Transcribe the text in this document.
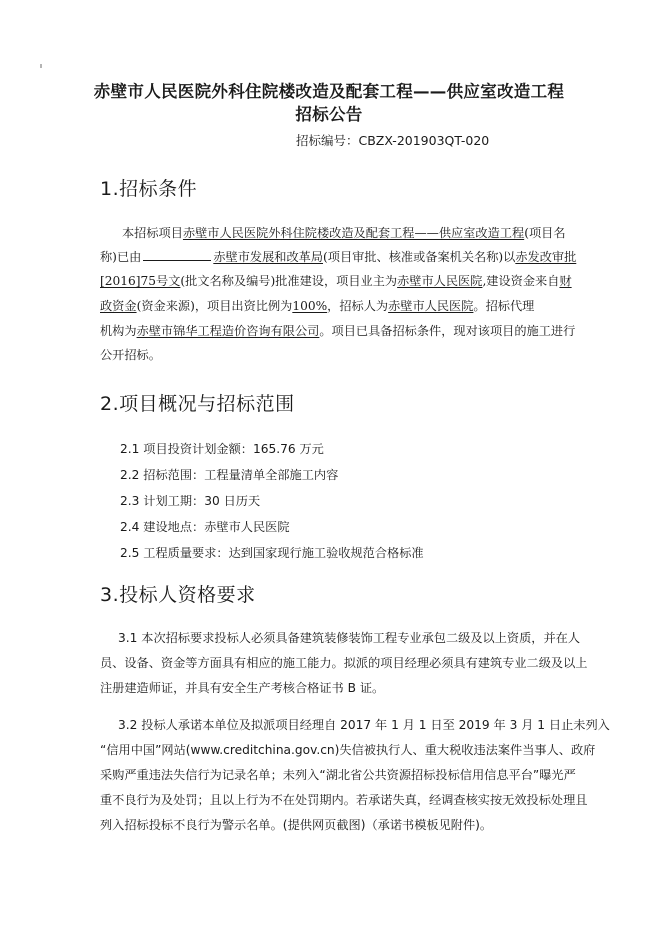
赤壁市人民医院外科住院楼改造及配套工程——供应室改造工程
招标公告
招标编号：CBZX-201903QT-020
1.招标条件
本招标项目赤壁市人民医院外科住院楼改造及配套工程——供应室改造工程(项目名
称)已由	赤壁市发展和改革局(项目审批、核准或备案机关名称)以赤发改审批
[2016]75号文(批文名称及编号)批准建设，项目业主为赤壁市人民医院,建设资金来自财
政资金(资金来源)，项目出资比例为100%，招标人为赤壁市人民医院。招标代理
机构为赤壁市锦华工程造价咨询有限公司。项目已具备招标条件，现对该项目的施工进行
公开招标。
2.项目概况与招标范围
2.1 项目投资计划金额：165.76 万元
2.2 招标范围：工程量清单全部施工内容
2.3 计划工期：30 日历天
2.4 建设地点：赤壁市人民医院
2.5 工程质量要求：达到国家现行施工验收规范合格标准
3.投标人资格要求
3.1 本次招标要求投标人必须具备建筑装修装饰工程专业承包二级及以上资质，并在人
员、设备、资金等方面具有相应的施工能力。拟派的项目经理必须具有建筑专业二级及以上
注册建造师证，并具有安全生产考核合格证书 B 证。
3.2 投标人承诺本单位及拟派项目经理自 2017 年 1 月 1 日至 2019 年 3 月 1 日止未列入
“信用中国”网站(www.creditchina.gov.cn)失信被执行人、重大税收违法案件当事人、政府
采购严重违法失信行为记录名单；未列入“湖北省公共资源招标投标信用信息平台”曝光严
重不良行为及处罚；且以上行为不在处罚期内。若承诺失真，经调查核实按无效投标处理且
列入招标投标不良行为警示名单。(提供网页截图)（承诺书模板见附件)。
